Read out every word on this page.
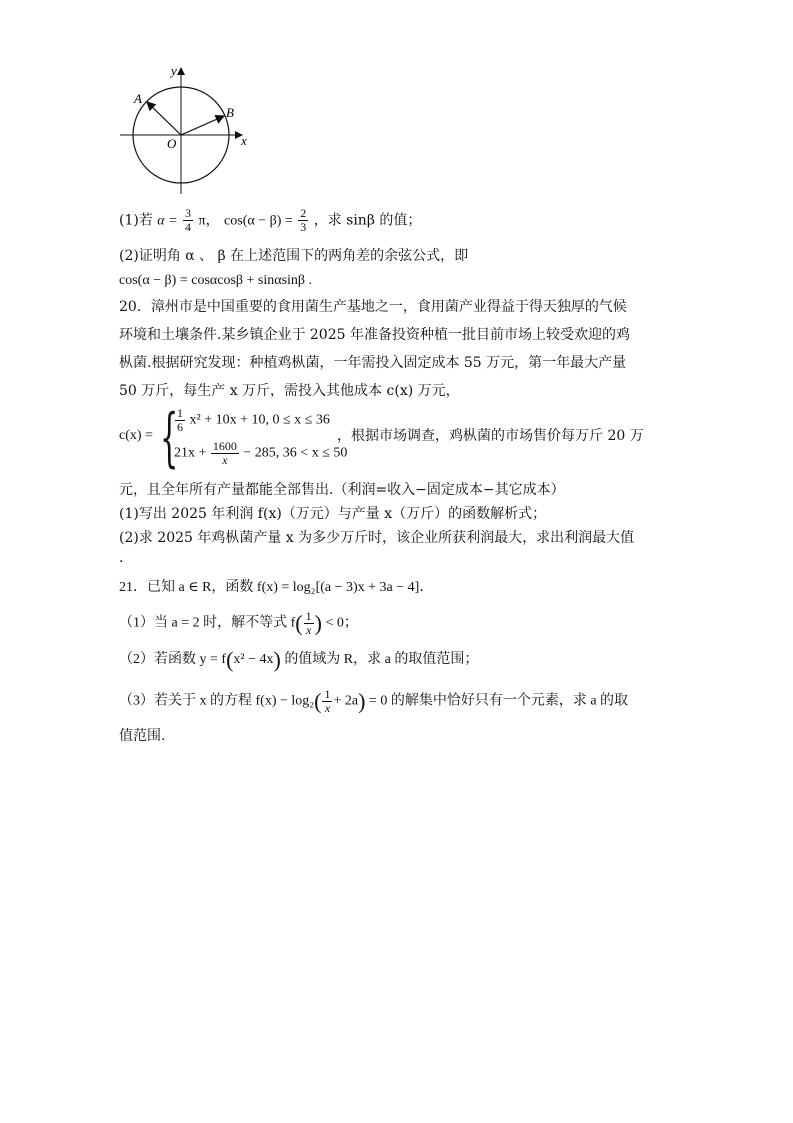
y
x
O
A
B
(1)若 $\alpha = \frac{3}{4}$ π， $\cos(\alpha - \beta) = \frac{2}{3}$ ，求 sinβ 的值；
(2)证明角 α 、 β 在上述范围下的两角差的余弦公式，即
cos(α − β) = cosαcosβ + sinαsinβ .
20．漳州市是中国重要的食用菌生产基地之一，食用菌产业得益于得天独厚的气候
环境和土壤条件.某乡镇企业于 2025 年准备投资种植一批目前市场上较受欢迎的鸡
枞菌.根据研究发现：种植鸡枞菌，一年需投入固定成本 55 万元，第一年最大产量
50 万斤，每生产 x 万斤，需投入其他成本 c(x) 万元，
c(x) = {
$\frac{1}{6} x^2 + 10x + 10$, 0 ≤ x ≤ 36
$21x + \frac{1600}{x} - 285$, 36 < x ≤ 50
，根据市场调查，鸡枞菌的市场售价每万斤 20 万
元，且全年所有产量都能全部售出.（利润=收入−固定成本−其它成本）
(1)写出 2025 年利润 f(x)（万元）与产量 x（万斤）的函数解析式；
(2)求 2025 年鸡枞菌产量 x 为多少万斤时，该企业所获利润最大，求出利润最大值
.
21．已知 a ∈ R，函数 f(x) = log₂[(a − 3)x + 3a − 4]．
（1）当 a = 2 时，解不等式 $f( \frac{1}{x}$ ) < 0；
（2）若函数 y = f(x² − 4x) 的值域为 R，求 a 的取值范围；
（3）若关于 x 的方程 $f(x) - \log_2( \frac{1}{x} + 2a) = 0$ 的解集中恰好只有一个元素，求 a 的取
值范围.
